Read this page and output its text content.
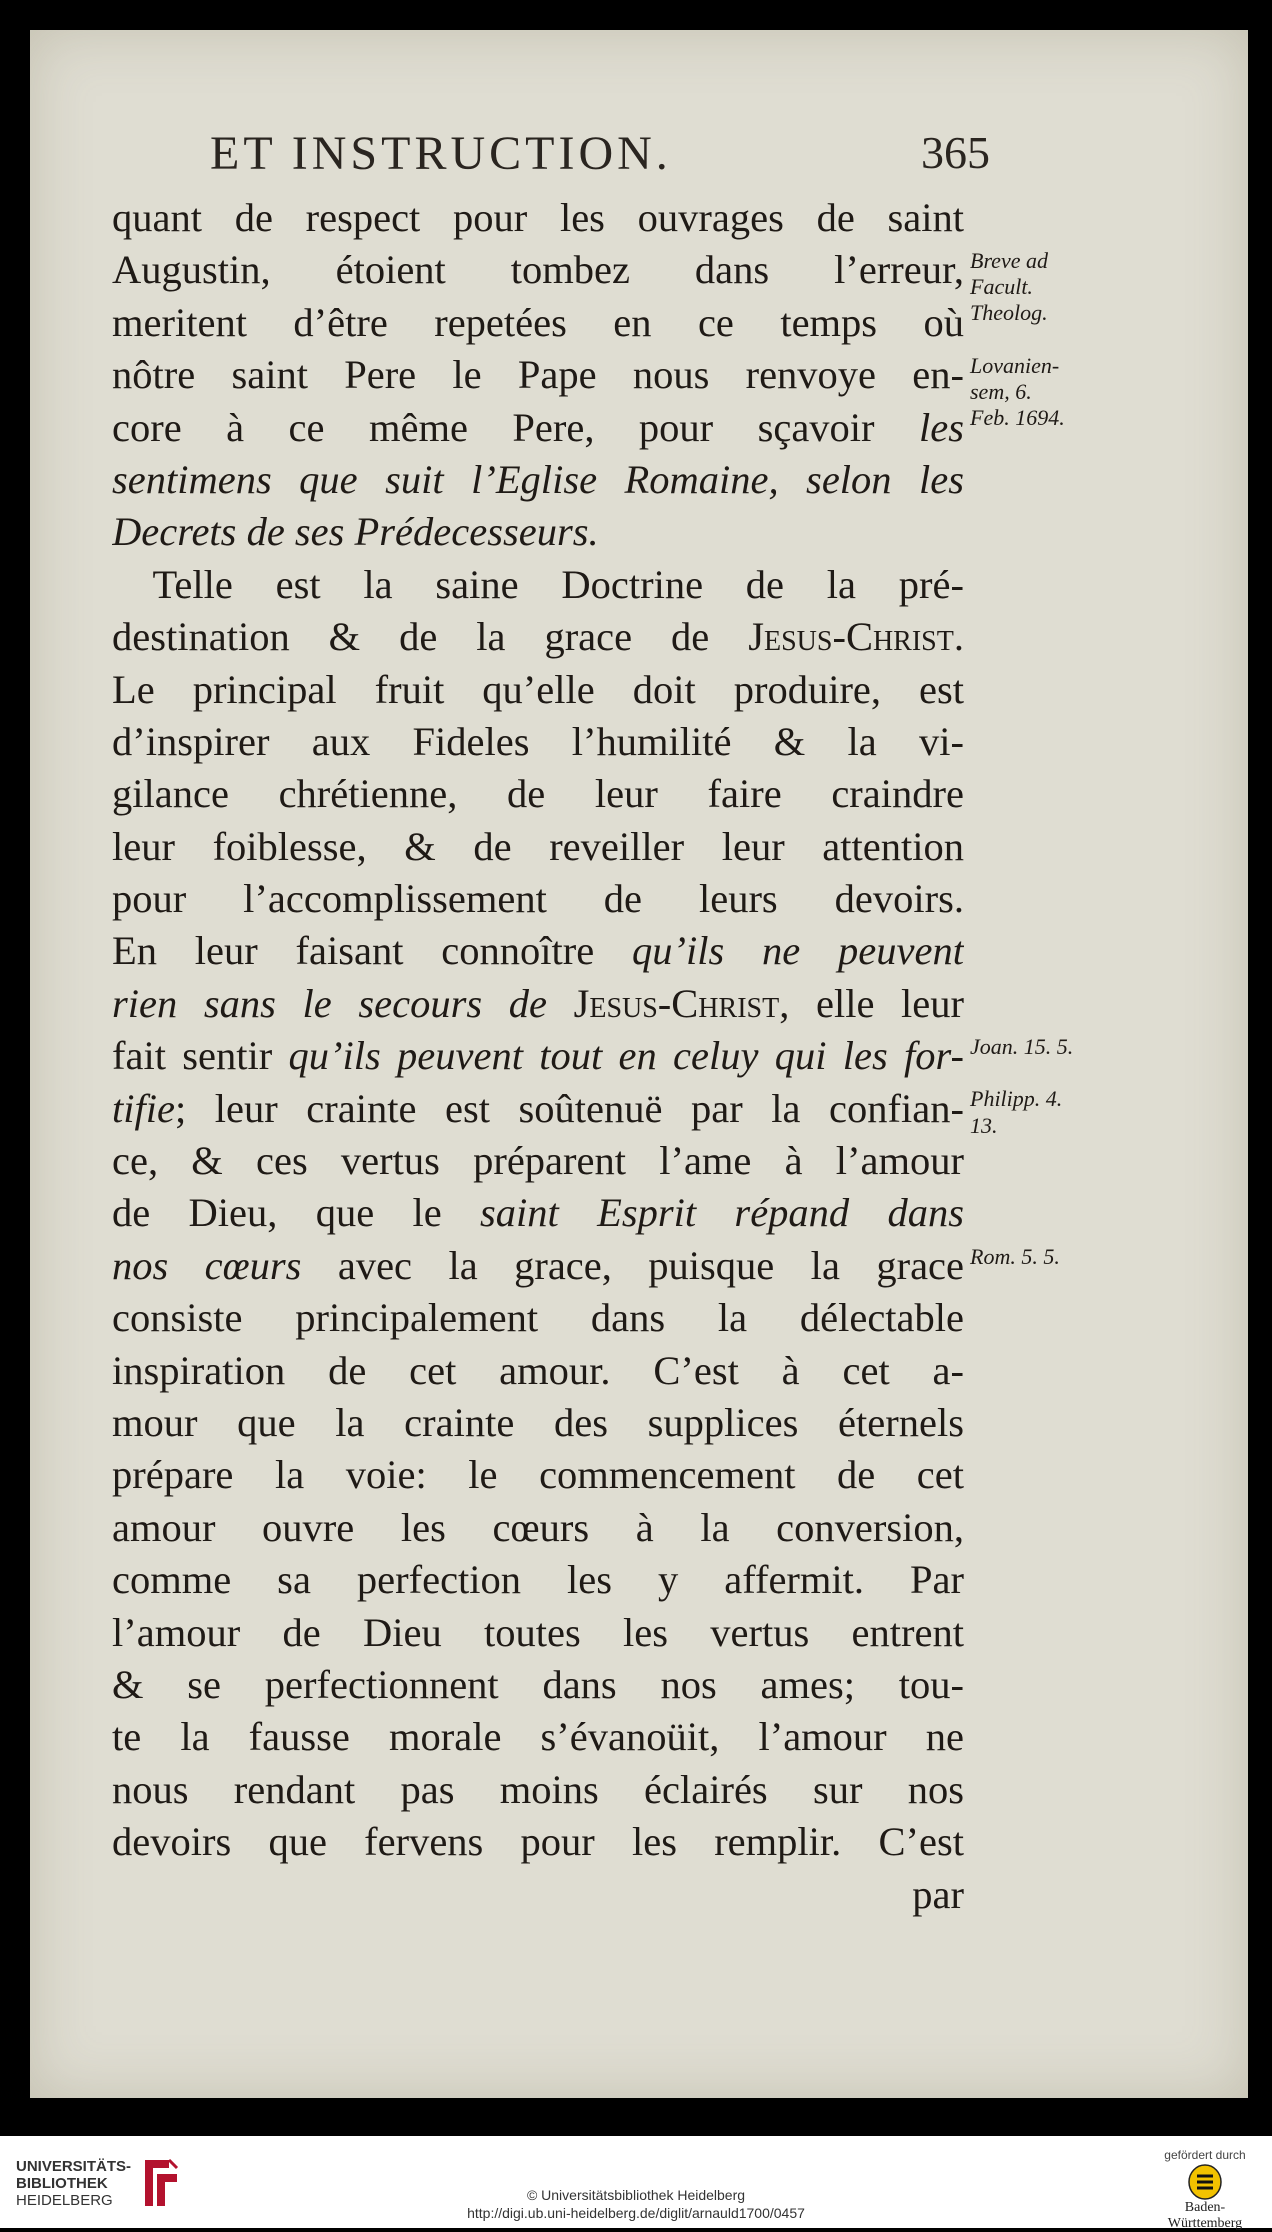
ET INSTRUCTION.	365
quant de respect pour les ouvrages de saint
Augustin, étoient tombez dans l’erreur,
meritent d’être repetées en ce temps où
nôtre saint Pere le Pape nous renvoye en-
core à ce même Pere, pour sçavoir les
sentimens que suit l’Eglise Romaine, selon les
Decrets de ses Prédecesseurs.
 Telle est la saine Doctrine de la pré-
destination & de la grace de Jesus-Christ.
Le principal fruit qu’elle doit produire, est
d’inspirer aux Fideles l’humilité & la vi-
gilance chrétienne, de leur faire craindre
leur foiblesse, & de reveiller leur attention
pour l’accomplissement de leurs devoirs.
En leur faisant connoître qu’ils ne peuvent
rien sans le secours de Jesus-Christ, elle leur
fait sentir qu’ils peuvent tout en celuy qui les for-
tifie; leur crainte est soûtenuë par la confian-
ce, & ces vertus préparent l’ame à l’amour
de Dieu, que le saint Esprit répand dans
nos cœurs avec la grace, puisque la grace
consiste principalement dans la délectable
inspiration de cet amour. C’est à cet a-
mour que la crainte des supplices éternels
prépare la voie: le commencement de cet
amour ouvre les cœurs à la conversion,
comme sa perfection les y affermit. Par
l’amour de Dieu toutes les vertus entrent
& se perfectionnent dans nos ames; tou-
te la fausse morale s’évanoüit, l’amour ne
nous rendant pas moins éclairés sur nos
devoirs que fervens pour les remplir. C’est
par
Breve ad
Facult.
Theolog.
Lovanien-
sem, 6.
Feb. 1694.
Joan. 15. 5.
Philipp. 4.
13.
Rom. 5. 5.
UNIVERSITÄTS-
BIBLIOTHEK
HEIDELBERG	© Universitätsbibliothek Heidelberg
http://digi.ub.uni-heidelberg.de/diglit/arnauld1700/0457
gefördert durch
Baden-Württemberg
